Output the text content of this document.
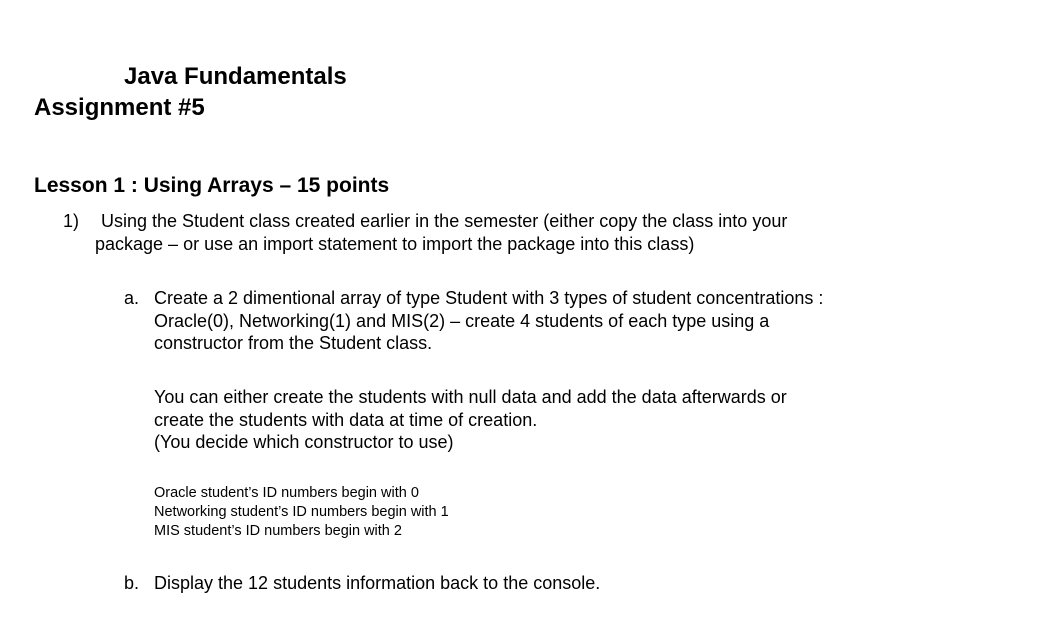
Java Fundamentals
Assignment #5
Lesson 1 : Using Arrays – 15 points
1) Using the Student class created earlier in the semester (either copy the class into your
package – or use an import statement to import the package into this class)
a. Create a 2 dimentional array of type Student with 3 types of student concentrations :
Oracle(0), Networking(1) and MIS(2) – create 4 students of each type using a
constructor from the Student class.
You can either create the students with null data and add the data afterwards or
create the students with data at time of creation.
(You decide which constructor to use)
Oracle student’s ID numbers begin with 0
Networking student’s ID numbers begin with 1
MIS student’s ID numbers begin with 2
b. Display the 12 students information back to the console.
